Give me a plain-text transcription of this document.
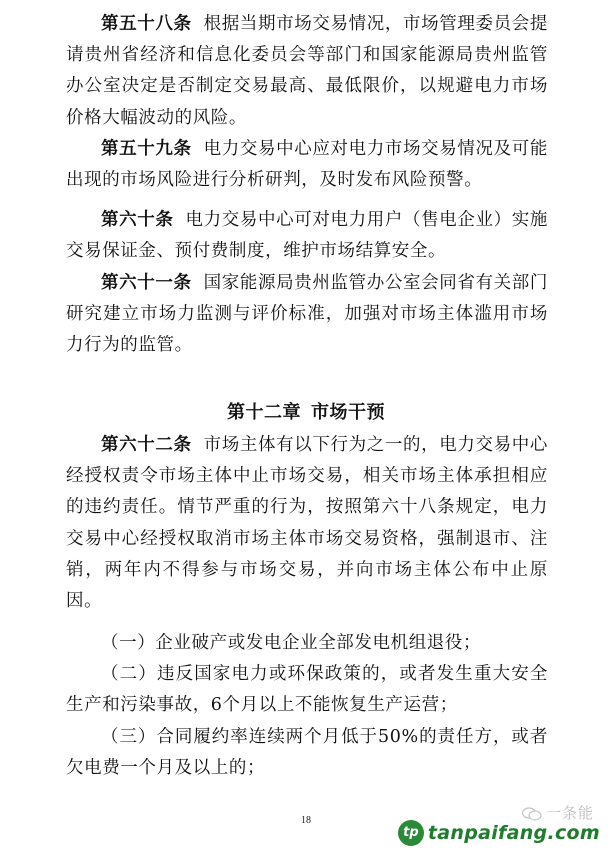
第五十八条 根据当期市场交易情况，市场管理委员会提请贵州省经济和信息化委员会等部门和国家能源局贵州监管办公室决定是否制定交易最高、最低限价，以规避电力市场价格大幅波动的风险。

第五十九条 电力交易中心应对电力市场交易情况及可能出现的市场风险进行分析研判，及时发布风险预警。

第六十条 电力交易中心可对电力用户（售电企业）实施交易保证金、预付费制度，维护市场结算安全。

第六十一条 国家能源局贵州监管办公室会同省有关部门研究建立市场力监测与评价标准，加强对市场主体滥用市场力行为的监管。

第十二章 市场干预

第六十二条 市场主体有以下行为之一的，电力交易中心经授权责令市场主体中止市场交易，相关市场主体承担相应的违约责任。情节严重的行为，按照第六十八条规定，电力交易中心经授权取消市场主体市场交易资格，强制退市、注销，两年内不得参与市场交易，并向市场主体公布中止原因。

（一）企业破产或发电企业全部发电机组退役；

（二）违反国家电力或环保政策的，或者发生重大安全生产和污染事故，6个月以上不能恢复生产运营；

（三）合同履约率连续两个月低于50%的责任方，或者欠电费一个月及以上的；

18	一条能
tp tanpaifang.com
